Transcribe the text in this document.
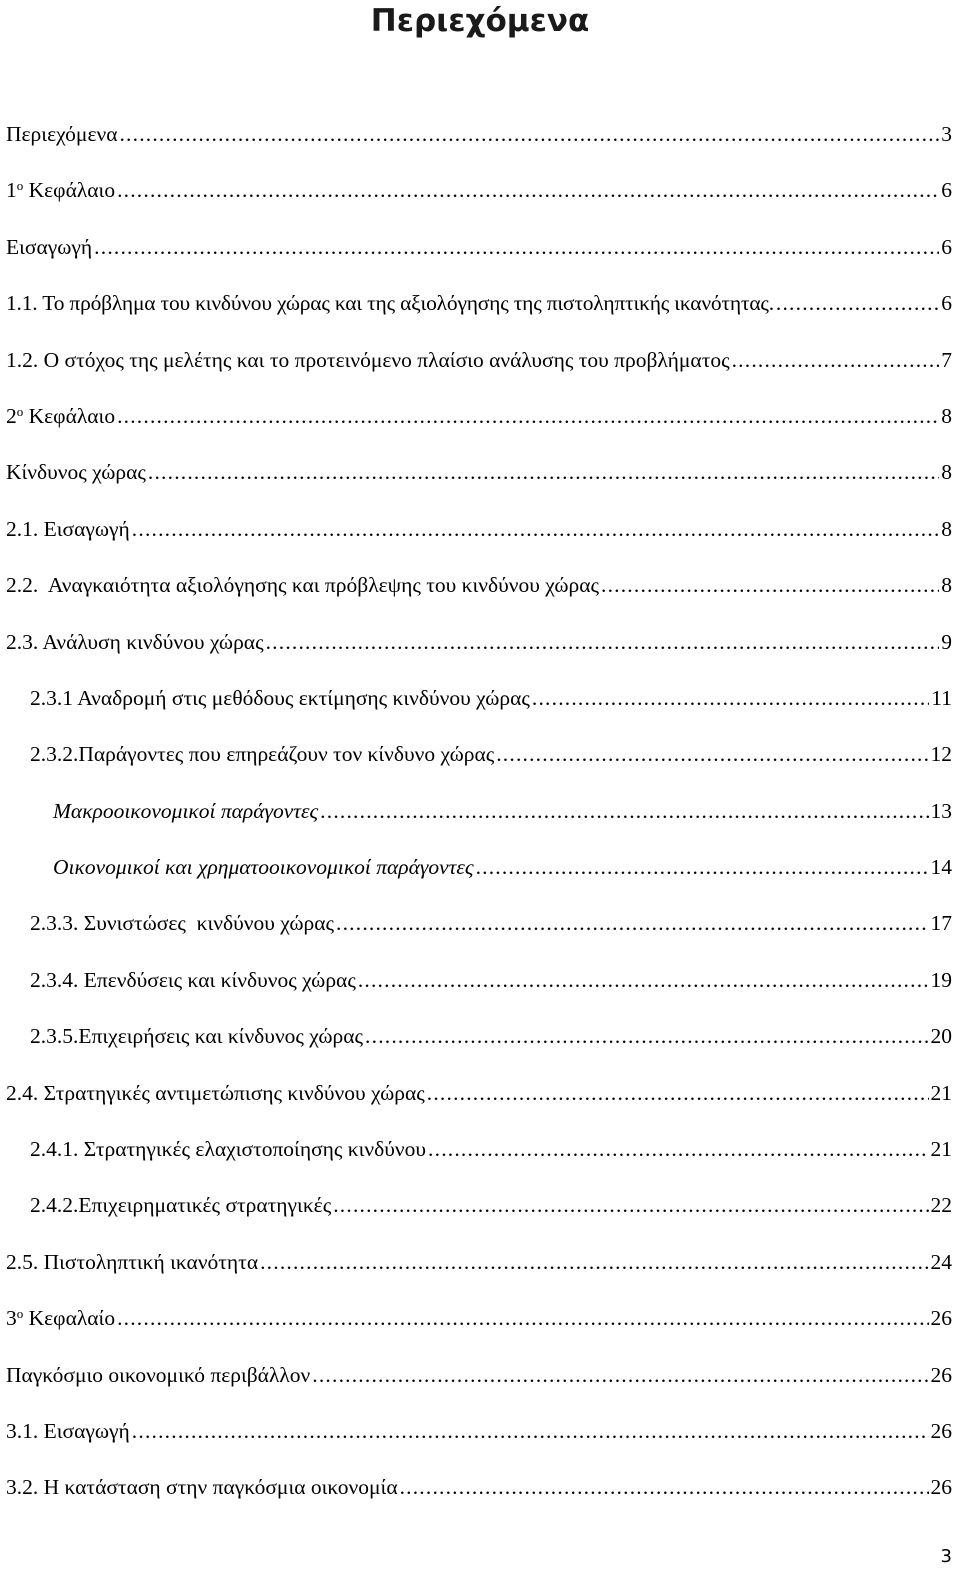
Περιεχόμενα
Περιεχόμενα .....	3
$1^o$ Κεφάλαιο .....	6
Εισαγωγή .....	6
1.1. Το πρόβλημα του κινδύνου χώρας και της αξιολόγησης της πιστοληπτικής ικανότητας. .....	6
1.2. Ο στόχος της μελέτης και το προτεινόμενο πλαίσιο ανάλυσης του προβλήματος .....	7
$2^o$ Κεφάλαιο .....	8
Κίνδυνος χώρας .....	8
2.1. Εισαγωγή .....	8
2.2.  Αναγκαιότητα αξιολόγησης και πρόβλεψης του κινδύνου χώρας .....	8
2.3. Ανάλυση κινδύνου χώρας .....	9
2.3.1 Αναδρομή στις μεθόδους εκτίμησης κινδύνου χώρας .....	11
2.3.2.Παράγοντες που επηρεάζουν τον κίνδυνο χώρας .....	12
Μακροοικονομικοί παράγοντες .....	13
Οικονομικοί και χρηματοοικονομικοί παράγοντες .....	14
2.3.3. Συνιστώσες  κινδύνου χώρας .....	17
2.3.4. Επενδύσεις και κίνδυνος χώρας .....	19
2.3.5.Επιχειρήσεις και κίνδυνος χώρας .....	20
2.4. Στρατηγικές αντιμετώπισης κινδύνου χώρας .....	21
2.4.1. Στρατηγικές ελαχιστοποίησης κινδύνου .....	21
2.4.2.Επιχειρηματικές στρατηγικές .....	22
2.5. Πιστοληπτική ικανότητα .....	24
$3^o$ Κεφαλαίο .....	26
Παγκόσμιο οικονομικό περιβάλλον .....	26
3.1. Εισαγωγή .....	26
3.2. Η κατάσταση στην παγκόσμια οικονομία .....	26
3
